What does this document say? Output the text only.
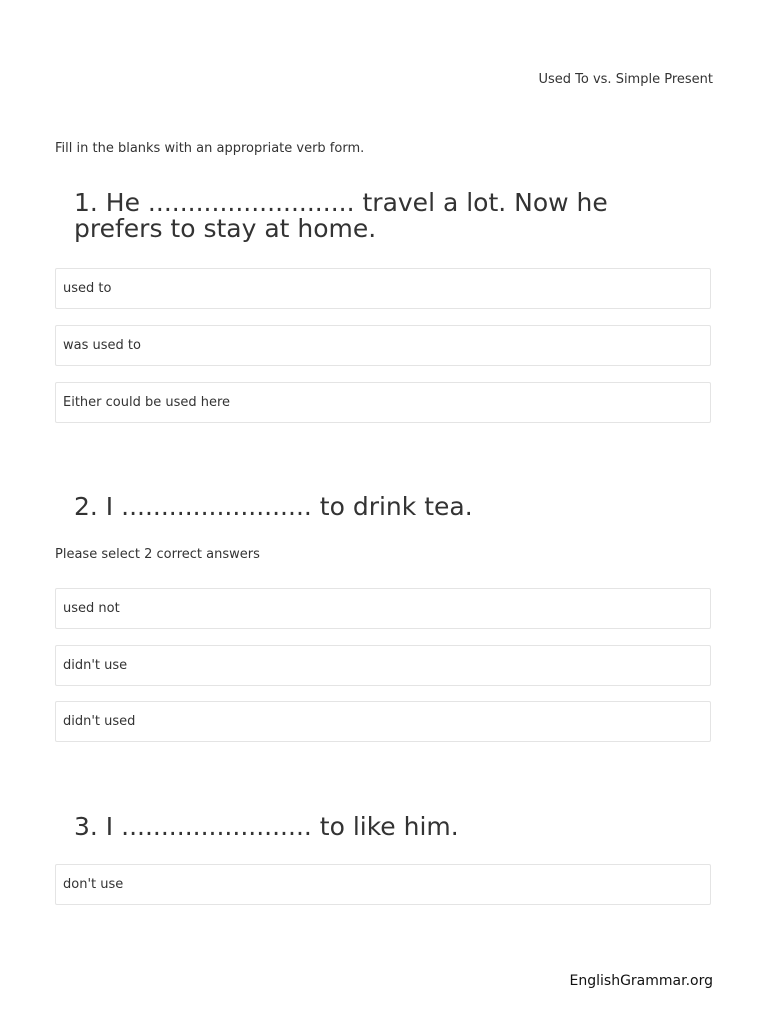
Used To vs. Simple Present
Fill in the blanks with an appropriate verb form.
1. He .......................... travel a lot. Now he
prefers to stay at home.
used to
was used to
Either could be used here
2. I ........................ to drink tea.
Please select 2 correct answers
used not
didn't use
didn't used
3. I ........................ to like him.
don't use
EnglishGrammar.org
